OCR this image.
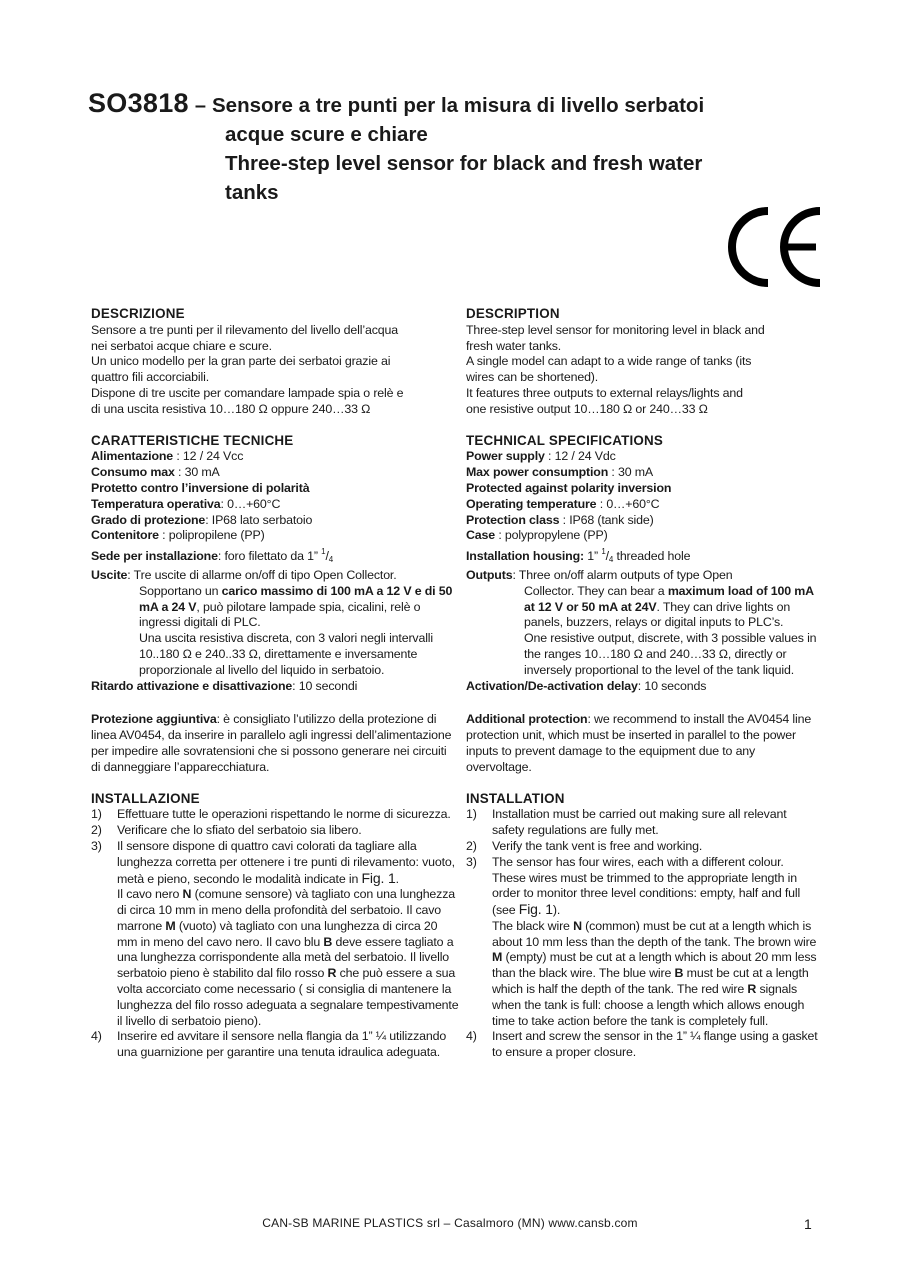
SO3818 – Sensore a tre punti per la misura di livello serbatoi
acque scure e chiare
Three-step level sensor for black and fresh water
tanks
DESCRIZIONE
Sensore a tre punti per il rilevamento del livello dell’acqua
nei serbatoi acque chiare e scure.
Un unico modello per la gran parte dei serbatoi grazie ai
quattro fili accorciabili.
Dispone di tre uscite per comandare lampade spia o relè e
di una uscita resistiva 10…180 Ω oppure 240…33 Ω
CARATTERISTICHE TECNICHE
Alimentazione : 12 / 24 Vcc
Consumo max : 30 mA
Protetto contro l’inversione di polarità
Temperatura operativa: 0…+60°C
Grado di protezione: IP68 lato serbatoio
Contenitore : polipropilene (PP)
Sede per installazione: foro filettato da 1” $^1/_4$
Uscite: Tre uscite di allarme on/off di tipo Open Collector.
Sopportano un carico massimo di 100 mA a 12 V e di 50 mA a 24 V, può pilotare lampade spia, cicalini, relè o ingressi digitali di PLC.
Una uscita resistiva discreta, con 3 valori negli intervalli 10..180 Ω e 240..33 Ω, direttamente e inversamente proporzionale al livello del liquido in serbatoio.
Ritardo attivazione e disattivazione: 10 secondi
Protezione aggiuntiva: è consigliato l’utilizzo della protezione di linea AV0454, da inserire in parallelo agli ingressi dell’alimentazione per impedire alle sovratensioni che si possono generare nei circuiti di danneggiare l’apparecchiatura.
INSTALLAZIONE
1)	Effettuare tutte le operazioni rispettando le norme di sicurezza.
2)	Verificare che lo sfiato del serbatoio sia libero.
3)	Il sensore dispone di quattro cavi colorati da tagliare alla lunghezza corretta per ottenere i tre punti di rilevamento: vuoto, metà e pieno, secondo le modalità indicate in Fig. 1.
Il cavo nero N (comune sensore) và tagliato con una lunghezza di circa 10 mm in meno della profondità del serbatoio. Il cavo marrone M (vuoto) và tagliato con una lunghezza di circa 20 mm in meno del cavo nero. Il cavo blu B deve essere tagliato a una lunghezza corrispondente alla metà del serbatoio. Il livello serbatoio pieno è stabilito dal filo rosso R che può essere a sua volta accorciato come necessario ( si consiglia di mantenere la lunghezza del filo rosso adeguata a segnalare tempestivamente il livello di serbatoio pieno).
4)	Inserire ed avvitare il sensore nella flangia da 1” ¼ utilizzando una guarnizione per garantire una tenuta idraulica adeguata.
DESCRIPTION
Three-step level sensor for monitoring level in black and
fresh water tanks.
A single model can adapt to a wide range of tanks (its
wires can be shortened).
It features three outputs to external relays/lights and
one resistive output 10…180 Ω or 240…33 Ω
TECHNICAL SPECIFICATIONS
Power supply : 12 / 24 Vdc
Max power consumption : 30 mA
Protected against polarity inversion
Operating temperature : 0…+60°C
Protection class : IP68 (tank side)
Case : polypropylene (PP)
Installation housing: 1” $^1/_4$ threaded hole
Outputs: Three on/off alarm outputs of type Open
Collector. They can bear a maximum load of 100 mA at 12 V or 50 mA at 24V. They can drive lights on panels, buzzers, relays or digital inputs to PLC’s.
One resistive output, discrete, with 3 possible values in the ranges 10…180 Ω and 240…33 Ω, directly or inversely proportional to the level of the tank liquid.
Activation/De-activation delay: 10 seconds
Additional protection: we recommend to install the AV0454 line protection unit, which must be inserted in parallel to the power inputs to prevent damage to the equipment due to any overvoltage.
INSTALLATION
1)	Installation must be carried out making sure all relevant safety regulations are fully met.
2)	Verify the tank vent is free and working.
3)	The sensor has four wires, each with a different colour. These wires must be trimmed to the appropriate length in order to monitor three level conditions: empty, half and full (see Fig. 1).
The black wire N (common) must be cut at a length which is about 10 mm less than the depth of the tank. The brown wire M (empty) must be cut at a length which is about 20 mm less than the black wire. The blue wire B must be cut at a length which is half the depth of the tank. The red wire R signals when the tank is full: choose a length which allows enough time to take action before the tank is completely full.
4)	Insert and screw the sensor in the 1” ¼ flange using a gasket to ensure a proper closure.
CAN-SB MARINE PLASTICS srl – Casalmoro (MN) www.cansb.com	1
